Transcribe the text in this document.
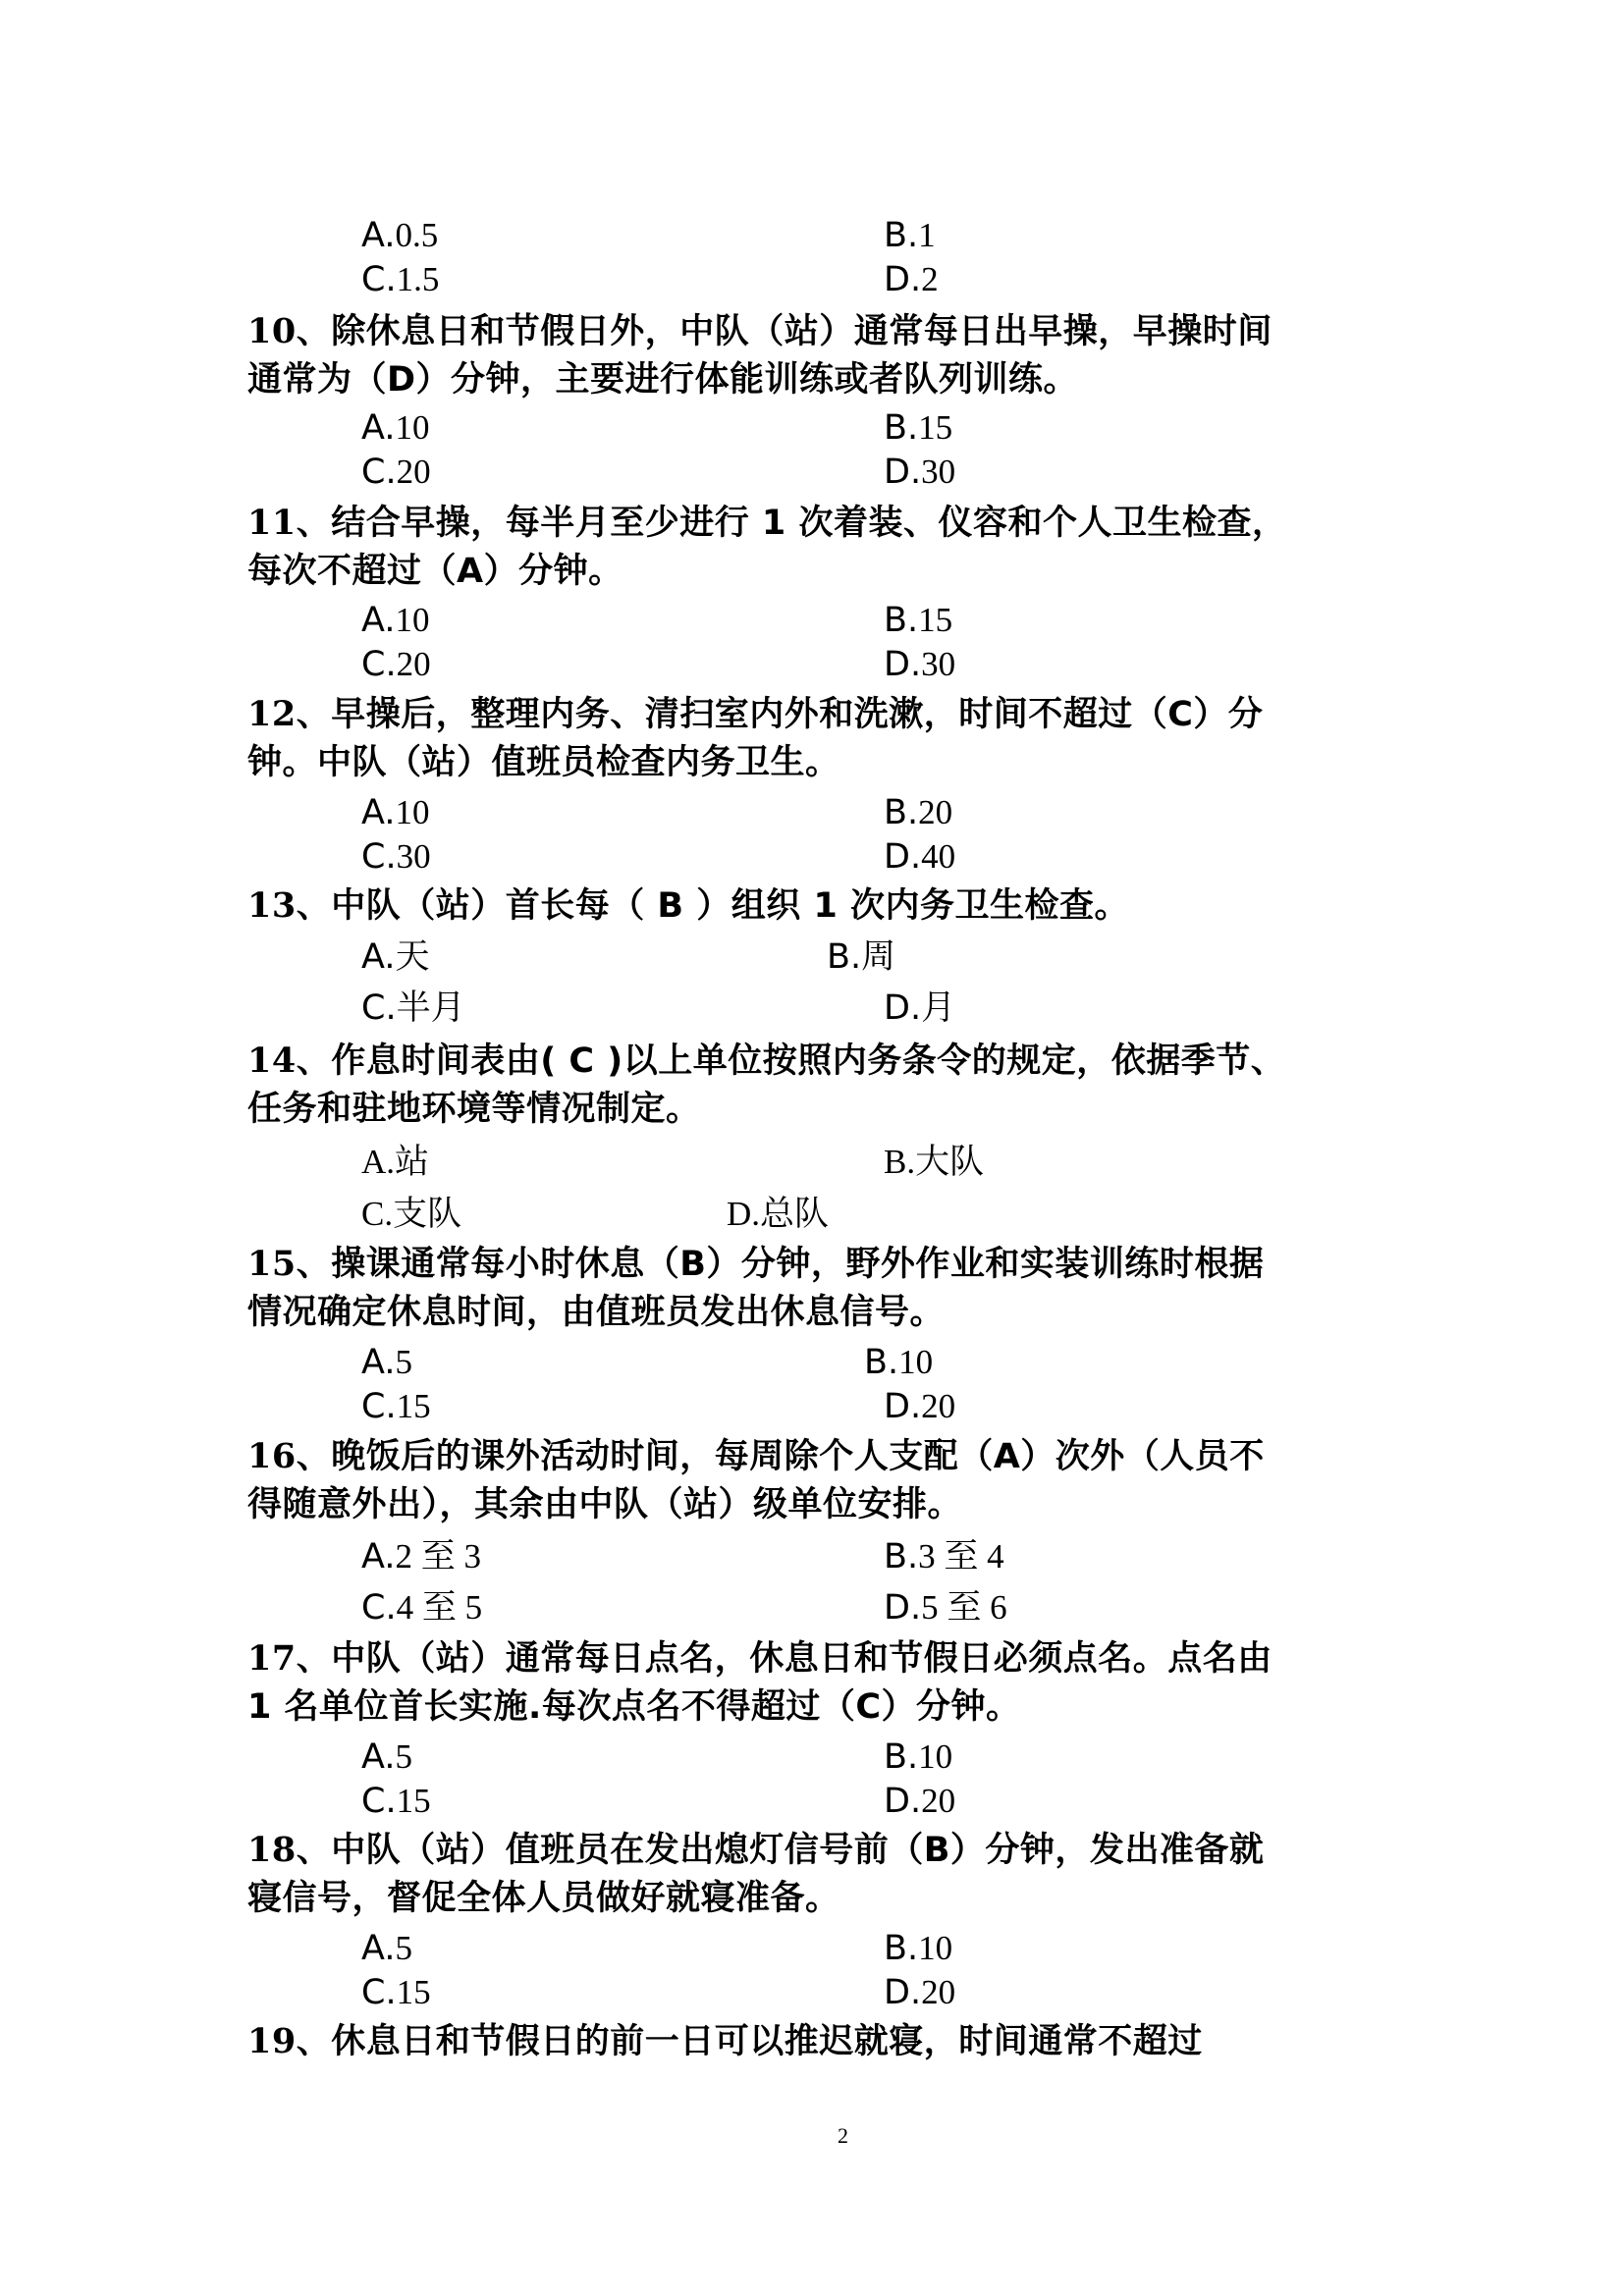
A.0.5	B.1
C.1.5	D.2
10、除休息日和节假日外，中队（站）通常每日出早操，早操时间
通常为（D）分钟，主要进行体能训练或者队列训练。
A.10	B.15
C.20	D.30
11、结合早操，每半月至少进行 1 次着装、仪容和个人卫生检查，
每次不超过（A）分钟。
A.10	B.15
C.20	D.30
12、早操后，整理内务、清扫室内外和洗漱，时间不超过（C）分
钟。中队（站）值班员检查内务卫生。
A.10	B.20
C.30	D.40
13、中队（站）首长每（ B ）组织 1 次内务卫生检查。
A.天	B.周
C.半月	D.月
14、作息时间表由( C )以上单位按照内务条令的规定，依据季节、
任务和驻地环境等情况制定。
A.站	B.大队
C.支队	D.总队
15、操课通常每小时休息（B）分钟，野外作业和实装训练时根据
情况确定休息时间，由值班员发出休息信号。
A.5	B.10
C.15	D.20
16、晚饭后的课外活动时间，每周除个人支配（A）次外（人员不
得随意外出），其余由中队（站）级单位安排。
A.2 至 3	B.3 至 4
C.4 至 5	D.5 至 6
17、中队（站）通常每日点名，休息日和节假日必须点名。点名由
1 名单位首长实施.每次点名不得超过（C）分钟。
A.5	B.10
C.15	D.20
18、中队（站）值班员在发出熄灯信号前（B）分钟，发出准备就
寝信号，督促全体人员做好就寝准备。
A.5	B.10
C.15	D.20
19、休息日和节假日的前一日可以推迟就寝，时间通常不超过
2
